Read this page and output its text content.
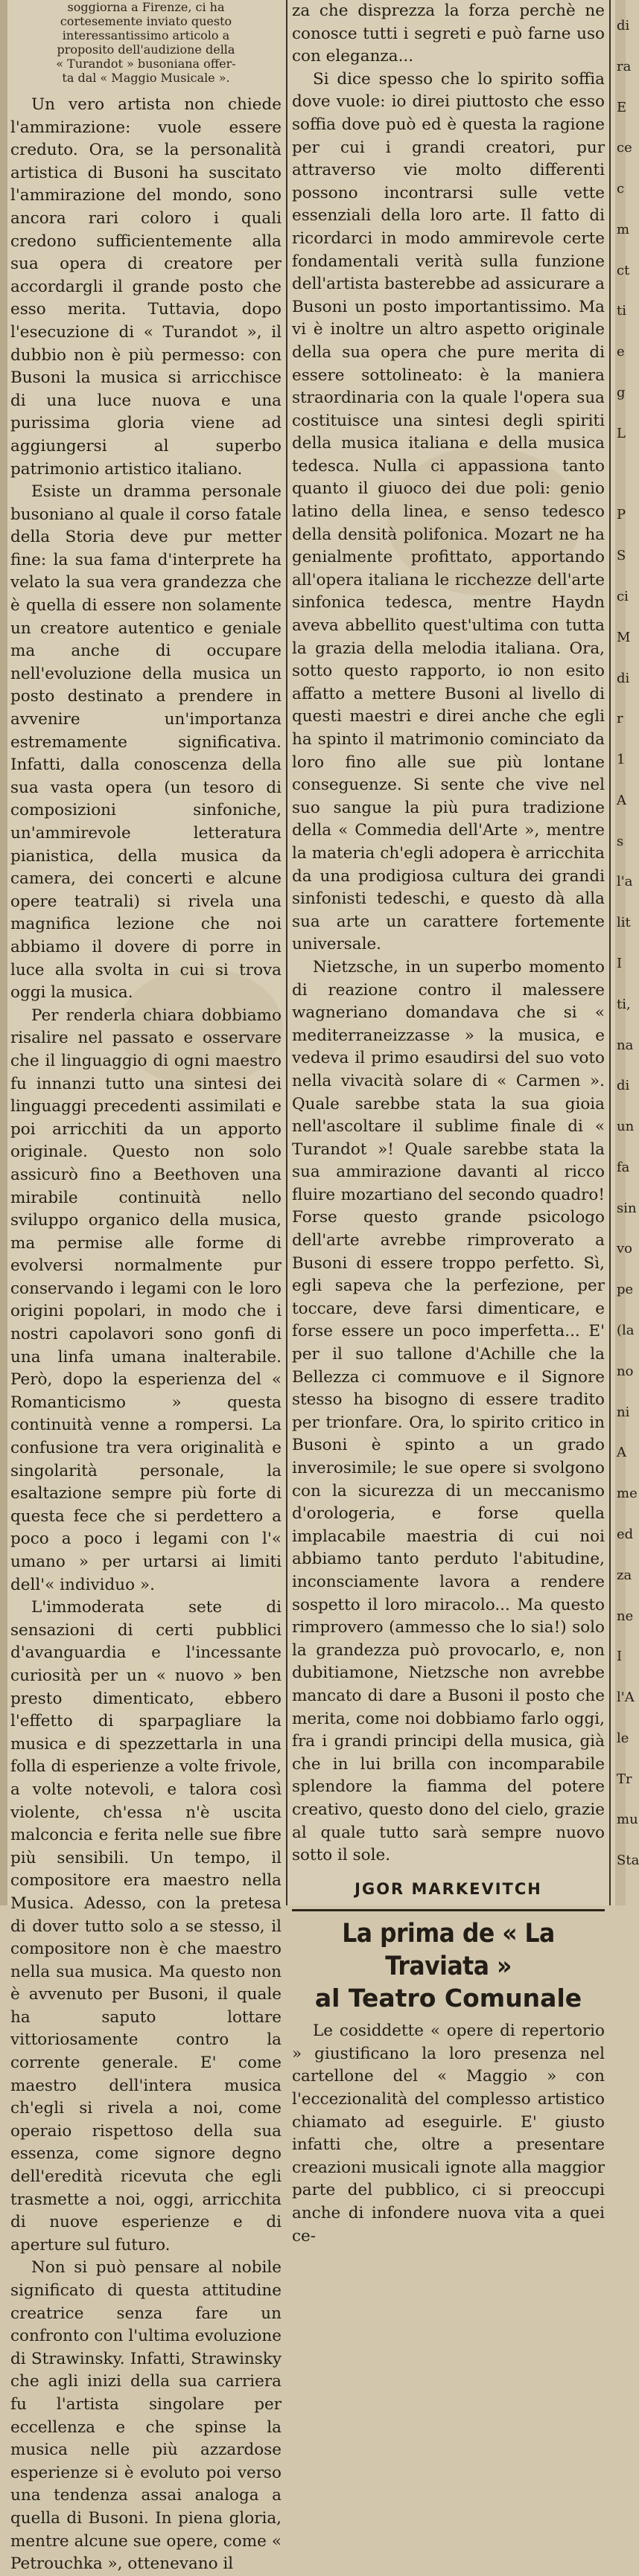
soggiorna a Firenze, ci ha
cortesemente inviato questo
interessantissimo articolo a
proposito dell'audizione della
« Turandot » busoniana offer-
ta dal « Maggio Musicale ».

Un vero artista non chiede l'ammirazione: vuole essere creduto. Ora, se la personalità artistica di Busoni ha suscitato l'ammirazione del mondo, sono ancora rari coloro i quali credono sufficientemente alla sua opera di creatore per accordargli il grande posto che esso merita. Tuttavia, dopo l'esecuzione di « Turandot », il dubbio non è più permesso: con Busoni la musica si arricchisce di una luce nuova e una purissima gloria viene ad aggiungersi al superbo patrimonio artistico italiano.

Esiste un dramma personale busoniano al quale il corso fatale della Storia deve pur metter fine: la sua fama d'interprete ha velato la sua vera grandezza che è quella di essere non solamente un creatore autentico e geniale ma anche di occupare nell'evoluzione della musica un posto destinato a prendere in avvenire un'importanza estremamente significativa. Infatti, dalla conoscenza della sua vasta opera (un tesoro di composizioni sinfoniche, un'ammirevole letteratura pianistica, della musica da camera, dei concerti e alcune opere teatrali) si rivela una magnifica lezione che noi abbiamo il dovere di porre in luce alla svolta in cui si trova oggi la musica.

Per renderla chiara dobbiamo risalire nel passato e osservare che il linguaggio di ogni maestro fu innanzi tutto una sintesi dei linguaggi precedenti assimilati e poi arricchiti da un apporto originale. Questo non solo assicurò fino a Beethoven una mirabile continuità nello sviluppo organico della musica, ma permise alle forme di evolversi normalmente pur conservando i legami con le loro origini popolari, in modo che i nostri capolavori sono gonfi di una linfa umana inalterabile. Però, dopo la esperienza del « Romanticismo » questa continuità venne a rompersi. La confusione tra vera originalità e singolarità personale, la esaltazione sempre più forte di questa fece che si perdettero a poco a poco i legami con l'« umano » per urtarsi ai limiti dell'« individuo ».

L'immoderata sete di sensazioni di certi pubblici d'avanguardia e l'incessante curiosità per un « nuovo » ben presto dimenticato, ebbero l'effetto di sparpagliare la musica e di spezzettarla in una folla di esperienze a volte frivole, a volte notevoli, e talora così violente, ch'essa n'è uscita malconcia e ferita nelle sue fibre più sensibili. Un tempo, il compositore era maestro nella Musica. Adesso, con la pretesa di dover tutto solo a se stesso, il compositore non è che maestro nella sua musica. Ma questo non è avvenuto per Busoni, il quale ha saputo lottare vittoriosamente contro la corrente generale. E' come maestro dell'intera musica ch'egli si rivela a noi, come operaio rispettoso della sua essenza, come signore degno dell'eredità ricevuta che egli trasmette a noi, oggi, arricchita di nuove esperienze e di aperture sul futuro.

Non si può pensare al nobile significato di questa attitudine creatrice senza fare un confronto con l'ultima evoluzione di Strawinsky. Infatti, Strawinsky che agli inizi della sua carriera fu l'artista singolare per eccellenza e che spinse la musica nelle più azzardose esperienze si è evoluto poi verso una tendenza assai analoga a quella di Busoni. In piena gloria, mentre alcune sue opere, come « Petrouchka », ottenevano il

za che disprezza la forza perchè ne conosce tutti i segreti e può farne uso con eleganza...

Si dice spesso che lo spirito soffia dove vuole: io direi piuttosto che esso soffia dove può ed è questa la ragione per cui i grandi creatori, pur attraverso vie molto differenti possono incontrarsi sulle vette essenziali della loro arte. Il fatto di ricordarci in modo ammirevole certe fondamentali verità sulla funzione dell'artista basterebbe ad assicurare a Busoni un posto importantissimo. Ma vi è inoltre un altro aspetto originale della sua opera che pure merita di essere sottolineato: è la maniera straordinaria con la quale l'opera sua costituisce una sintesi degli spiriti della musica italiana e della musica tedesca. Nulla ci appassiona tanto quanto il giuoco dei due poli: genio latino della linea, e senso tedesco della densità polifonica. Mozart ne ha genialmente profittato, apportando all'opera italiana le ricchezze dell'arte sinfonica tedesca, mentre Haydn aveva abbellito quest'ultima con tutta la grazia della melodia italiana. Ora, sotto questo rapporto, io non esito affatto a mettere Busoni al livello di questi maestri e direi anche che egli ha spinto il matrimonio cominciato da loro fino alle sue più lontane conseguenze. Si sente che vive nel suo sangue la più pura tradizione della « Commedia dell'Arte », mentre la materia ch'egli adopera è arricchita da una prodigiosa cultura dei grandi sinfonisti tedeschi, e questo dà alla sua arte un carattere fortemente universale.

Nietzsche, in un superbo momento di reazione contro il malessere wagneriano domandava che si « mediterraneizzasse » la musica, e vedeva il primo esaudirsi del suo voto nella vivacità solare di « Carmen ». Quale sarebbe stata la sua gioia nell'ascoltare il sublime finale di « Turandot »! Quale sarebbe stata la sua ammirazione davanti al ricco fluire mozartiano del secondo quadro! Forse questo grande psicologo dell'arte avrebbe rimproverato a Busoni di essere troppo perfetto. Sì, egli sapeva che la perfezione, per toccare, deve farsi dimenticare, e forse essere un poco imperfetta... E' per il suo tallone d'Achille che la Bellezza ci commuove e il Signore stesso ha bisogno di essere tradito per trionfare. Ora, lo spirito critico in Busoni è spinto a un grado inverosimile; le sue opere si svolgono con la sicurezza di un meccanismo d'orologeria, e forse quella implacabile maestria di cui noi abbiamo tanto perduto l'abitudine, inconsciamente lavora a rendere sospetto il loro miracolo... Ma questo rimprovero (ammesso che lo sia!) solo la grandezza può provocarlo, e, non dubitiamone, Nietzsche non avrebbe mancato di dare a Busoni il posto che merita, come noi dobbiamo farlo oggi, fra i grandi principi della musica, già che in lui brilla con incomparabile splendore la fiamma del potere creativo, questo dono del cielo, grazie al quale tutto sarà sempre nuovo sotto il sole.

JGOR MARKEVITCH
La prima de « La Traviata »
al Teatro Comunale

Le cosiddette « opere di repertorio » giustificano la loro presenza nel cartellone del « Maggio » con l'eccezionalità del complesso artistico chiamato ad eseguirle. E' giusto infatti che, oltre a presentare creazioni musicali ignote alla maggior parte del pubblico, ci si preoccupi anche di infondere nuova vita a quei ce-

di
ra
E
ce
c
m
ct
ti
e
g
L
P
S
ci
M
di
r
1
A
s
l'a
lit
I
ti,
na
di
un
fa
sin
vo
pe
(la
no
ni
A
me
ed
za
ne
I
l'A
le
Tr
mu
Sta
